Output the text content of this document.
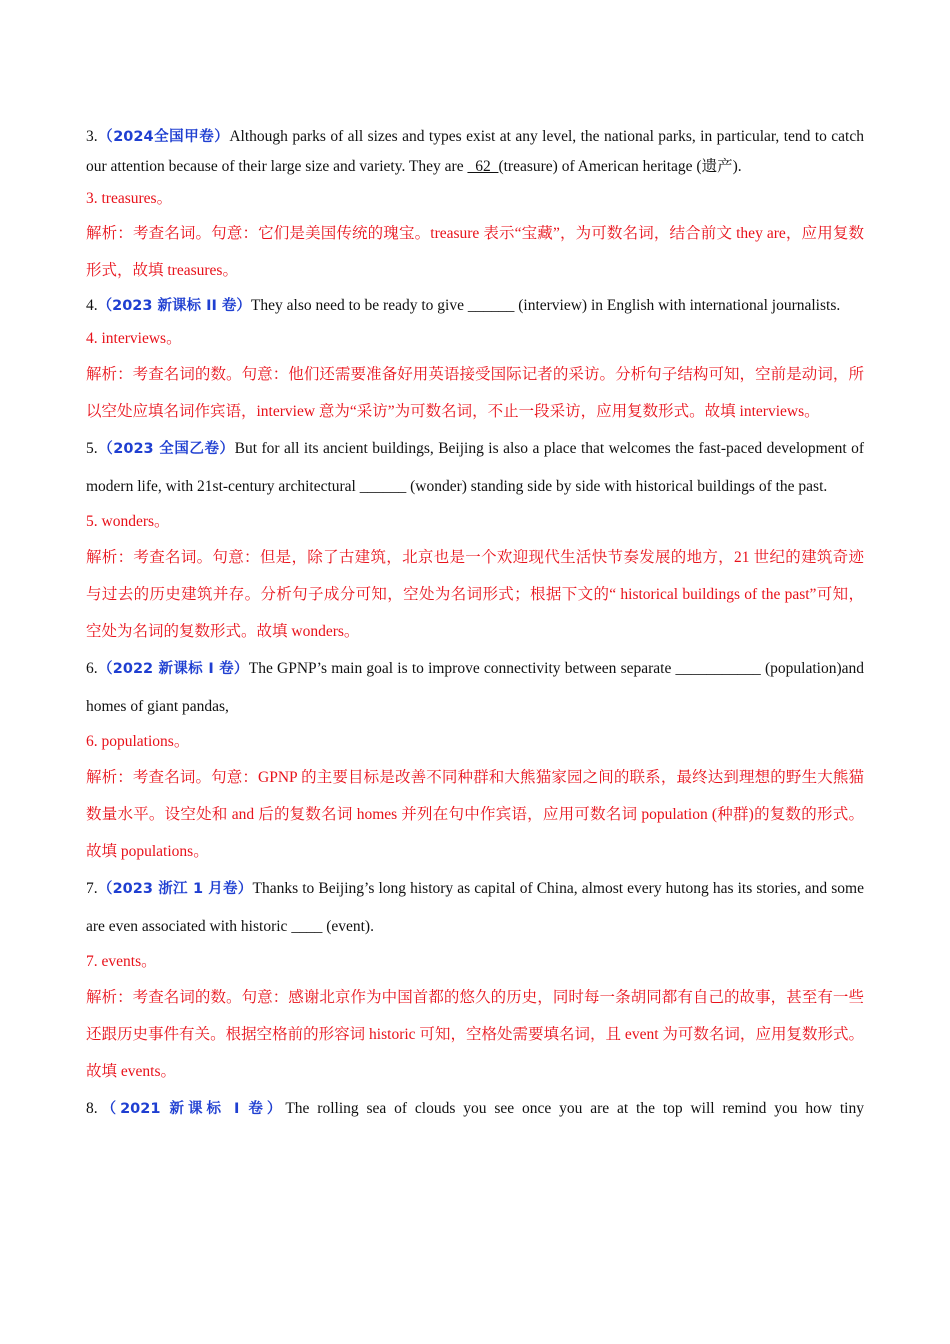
3.（2024全国甲卷）Although parks of all sizes and types exist at any level, the national parks, in particular, tend to catch our attention because of their large size and variety. They are   62  (treasure) of American heritage (遗产).

3. treasures。

解析：考查名词。句意：它们是美国传统的瑰宝。treasure 表示“宝藏”，为可数名词，结合前文 they are，应用复数形式，故填 treasures。

4.（2023 新课标 II 卷）They also need to be ready to give ______ (interview) in English with international journalists.

4. interviews。

解析：考查名词的数。句意：他们还需要准备好用英语接受国际记者的采访。分析句子结构可知，空前是动词，所以空处应填名词作宾语，interview 意为“采访”为可数名词，不止一段采访，应用复数形式。故填 interviews。

5.（2023 全国乙卷）But for all its ancient buildings, Beijing is also a place that welcomes the fast-paced development of modern life, with 21st-century architectural ______ (wonder) standing side by side with historical buildings of the past.

5. wonders。

解析：考查名词。句意：但是，除了古建筑，北京也是一个欢迎现代生活快节奏发展的地方，21 世纪的建筑奇迹与过去的历史建筑并存。分析句子成分可知，空处为名词形式；根据下文的“ historical buildings of the past”可知，空处为名词的复数形式。故填 wonders。

6.（2022 新课标 I 卷）The GPNP’s main goal is to improve connectivity between separate ___________ (population)and homes of giant pandas,

6. populations。

解析：考查名词。句意：GPNP 的主要目标是改善不同种群和大熊猫家园之间的联系，最终达到理想的野生大熊猫数量水平。设空处和 and 后的复数名词 homes 并列在句中作宾语，应用可数名词 population (种群)的复数的形式。故填 populations。

7.（2023 浙江 1 月卷）Thanks to Beijing’s long history as capital of China, almost every hutong has its stories, and some are even associated with historic ____ (event).

7. events。

解析：考查名词的数。句意：感谢北京作为中国首都的悠久的历史，同时每一条胡同都有自己的故事，甚至有一些还跟历史事件有关。根据空格前的形容词 historic 可知，空格处需要填名词，且 event 为可数名词，应用复数形式。故填 events。

8.（2021 新课标 I 卷）The rolling sea of clouds you see once you are at the top will remind you how tiny
